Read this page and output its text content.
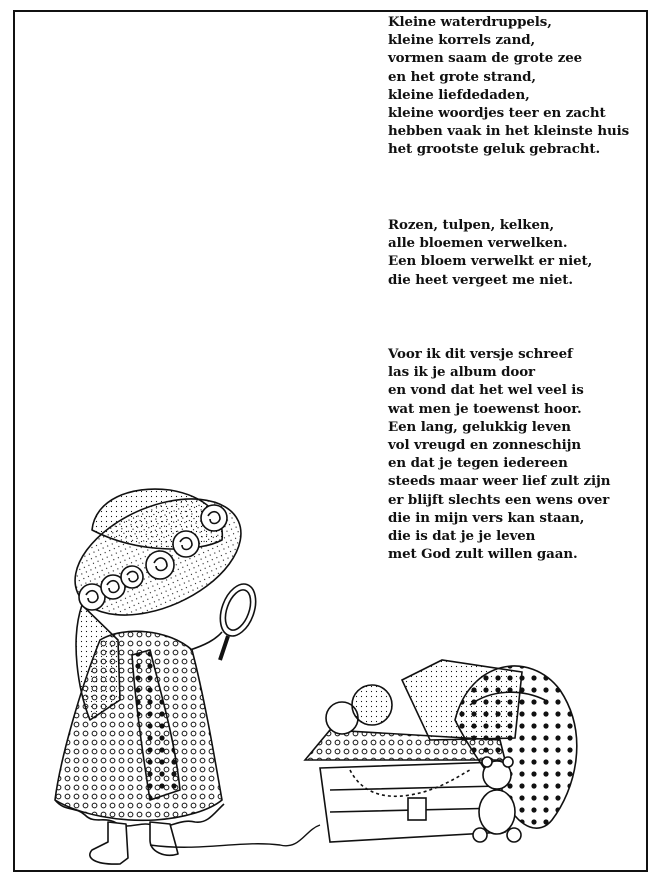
Kleine waterdruppels,
kleine korrels zand,
vormen saam de grote zee
en het grote strand,
kleine liefdedaden,
kleine woordjes teer en zacht
hebben vaak in het kleinste huis
het grootste geluk gebracht.
Rozen, tulpen, kelken,
alle bloemen verwelken.
Een bloem verwelkt er niet,
die heet vergeet me niet.
Voor ik dit versje schreef
las ik je album door
en vond dat het wel veel is
wat men je toewenst hoor.
Een lang, gelukkig leven
vol vreugd en zonneschijn
en dat je tegen iedereen
steeds maar weer lief zult zijn
er blijft slechts een wens over
die in mijn vers kan staan,
die is dat je je leven
met God zult willen gaan.
